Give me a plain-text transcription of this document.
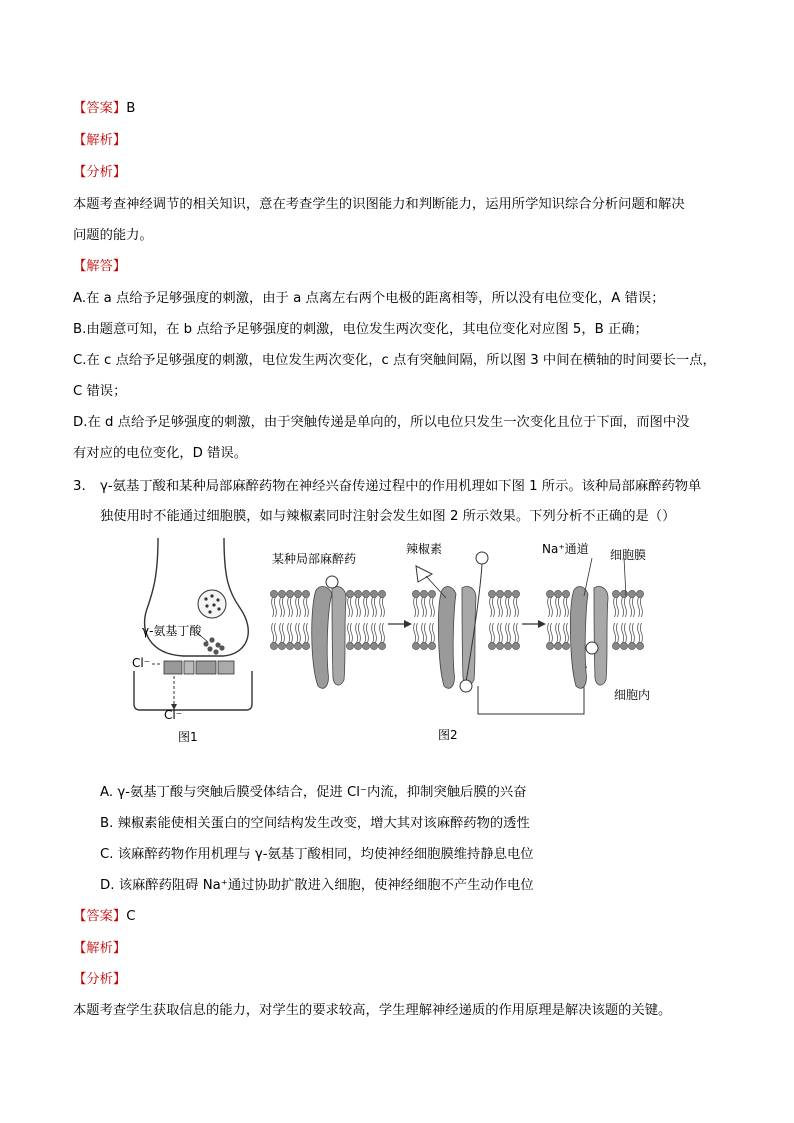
【答案】B
【解析】
【分析】
本题考查神经调节的相关知识，意在考查学生的识图能力和判断能力，运用所学知识综合分析问题和解决
问题的能力。
【解答】
A.在 a 点给予足够强度的刺激，由于 a 点离左右两个电极的距离相等，所以没有电位变化，A 错误；
B.由题意可知，在 b 点给予足够强度的刺激，电位发生两次变化，其电位变化对应图 5，B 正确；
C.在 c 点给予足够强度的刺激，电位发生两次变化，c 点有突触间隔，所以图 3 中间在横轴的时间要长一点，
C 错误；
D.在 d 点给予足够强度的刺激，由于突触传递是单向的，所以电位只发生一次变化且位于下面，而图中没
有对应的电位变化，D 错误。
3. γ-氨基丁酸和某种局部麻醉药物在神经兴奋传递过程中的作用机理如下图 1 所示。该种局部麻醉药物单
独使用时不能通过细胞膜，如与辣椒素同时注射会发生如图 2 所示效果。下列分析不正确的是（）
γ-氨基丁酸
Cl⁻
Cl⁻
图1
某种局部麻醉药
辣椒素	Na⁺通道 细胞膜
细胞内
图2
A. γ-氨基丁酸与突触后膜受体结合，促进 Cl⁻内流，抑制突触后膜的兴奋
B. 辣椒素能使相关蛋白的空间结构发生改变，增大其对该麻醉药物的透性
C. 该麻醉药物作用机理与 γ-氨基丁酸相同，均使神经细胞膜维持静息电位
D. 该麻醉药阻碍 Na⁺通过协助扩散进入细胞，使神经细胞不产生动作电位
【答案】C
【解析】
【分析】
本题考查学生获取信息的能力，对学生的要求较高，学生理解神经递质的作用原理是解决该题的关键。
